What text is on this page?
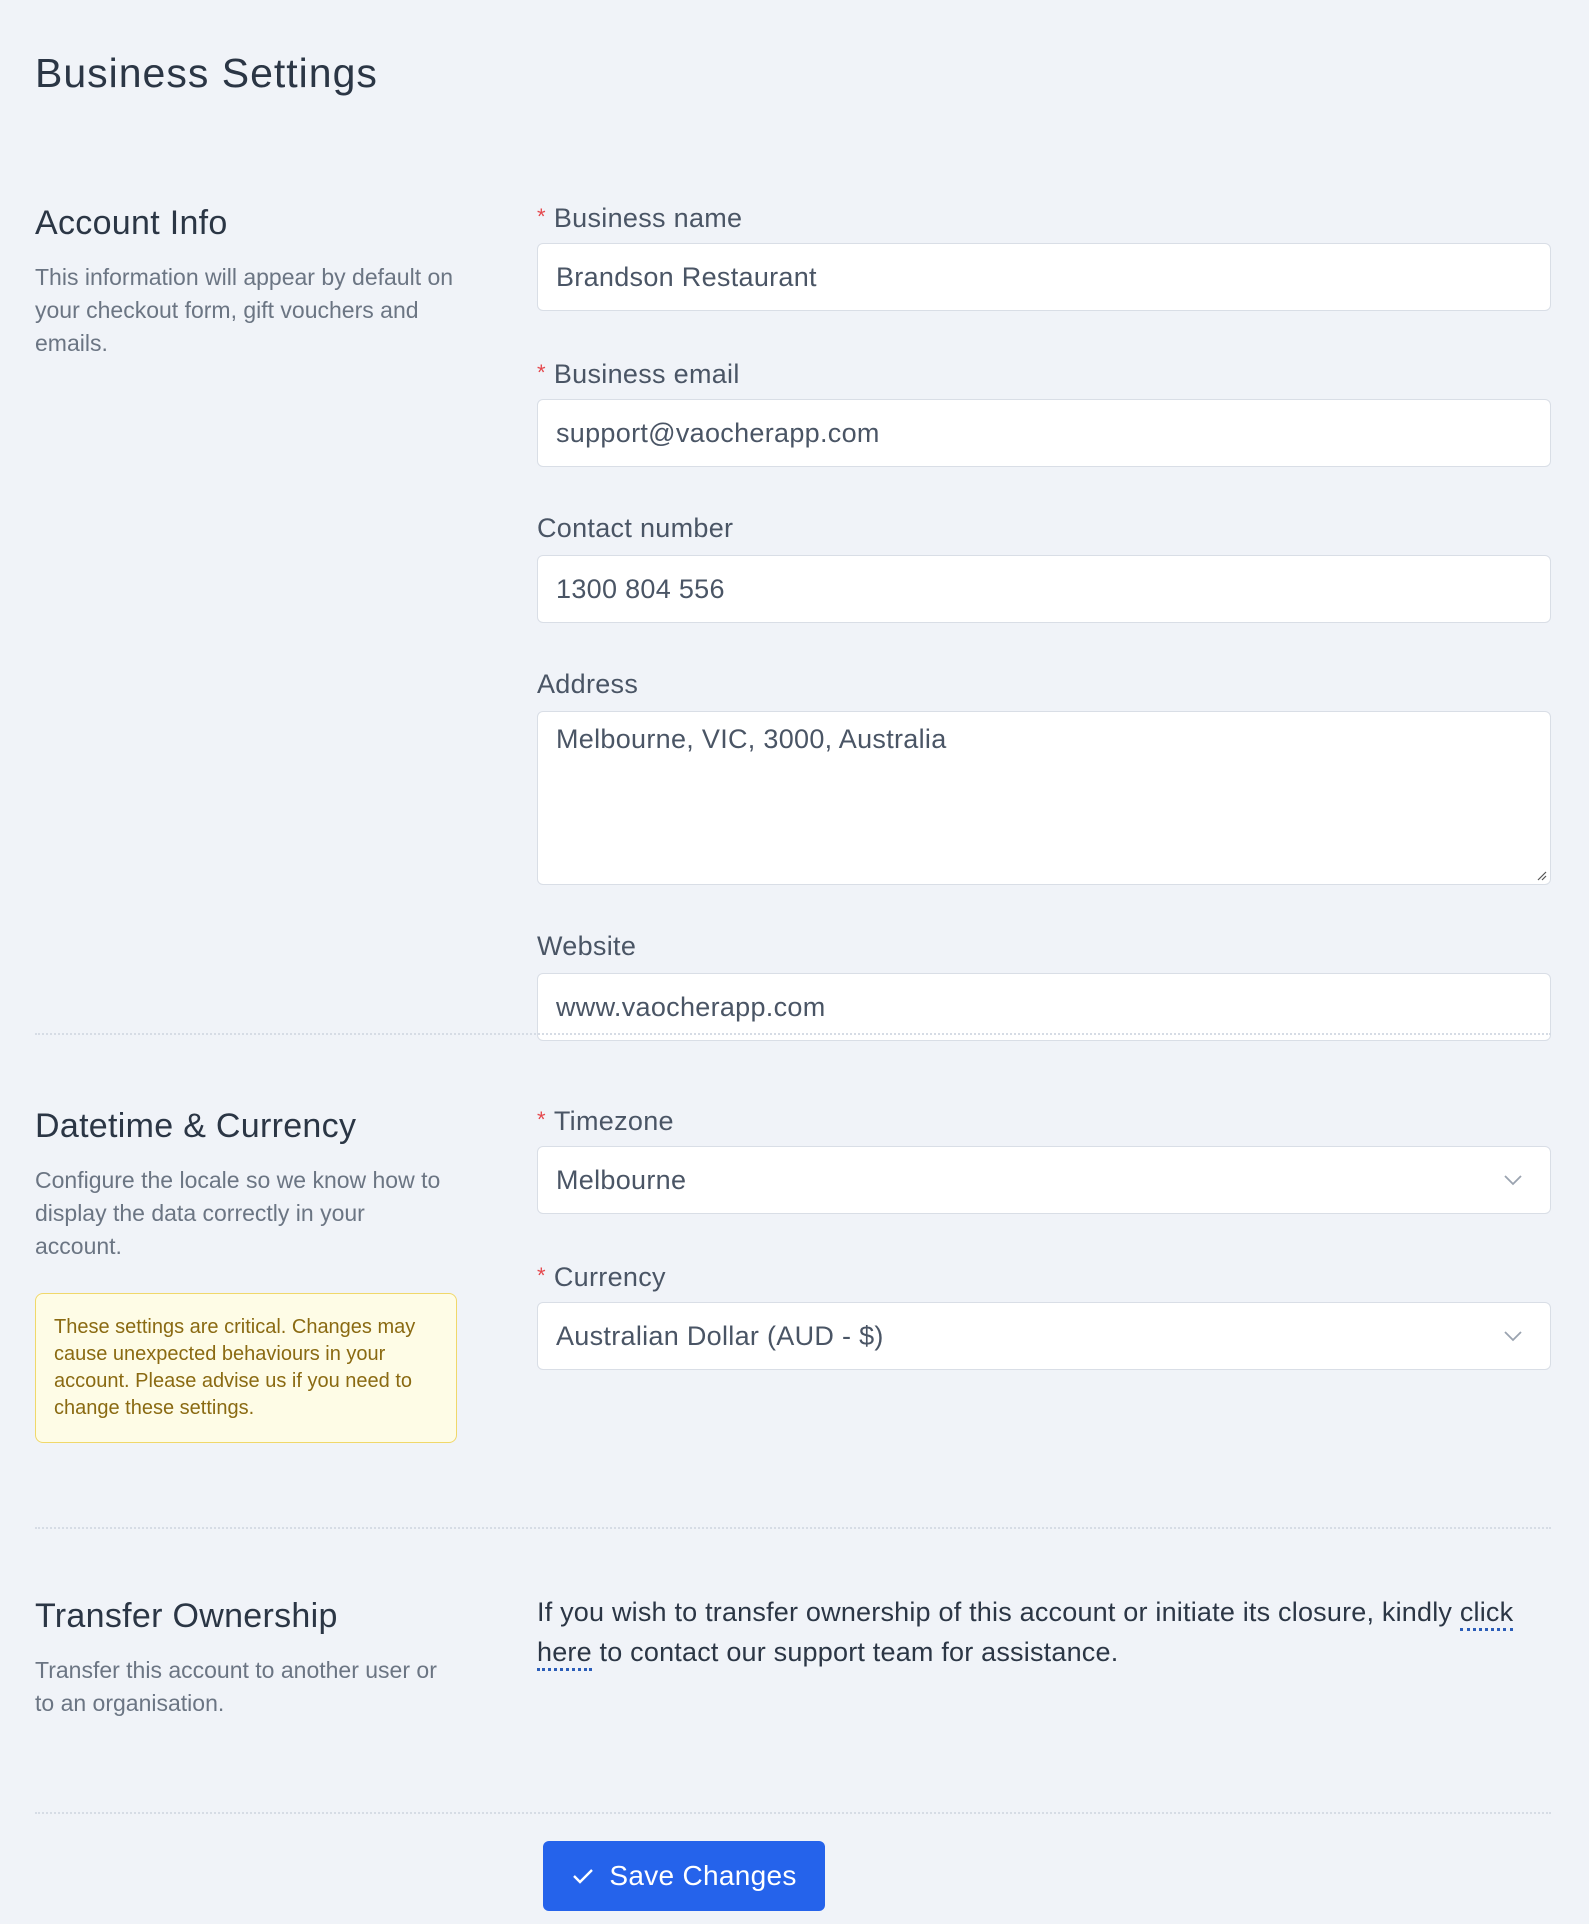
Business Settings
Account Info

This information will appear by default on your checkout form, gift vouchers and emails.

* Business name
Brandson Restaurant
* Business email
support@vaocherapp.com
Contact number
1300 804 556
Address
Melbourne, VIC, 3000, Australia
Website
www.vaocherapp.com
Datetime & Currency

Configure the locale so we know how to display the data correctly in your account.

These settings are critical. Changes may cause unexpected behaviours in your account. Please advise us if you need to change these settings.
* Timezone
Melbourne
* Currency
Australian Dollar (AUD - $)
Transfer Ownership

Transfer this account to another user or to an organisation.

If you wish to transfer ownership of this account or initiate its closure, kindly click here to contact our support team for assistance.

Save Changes
